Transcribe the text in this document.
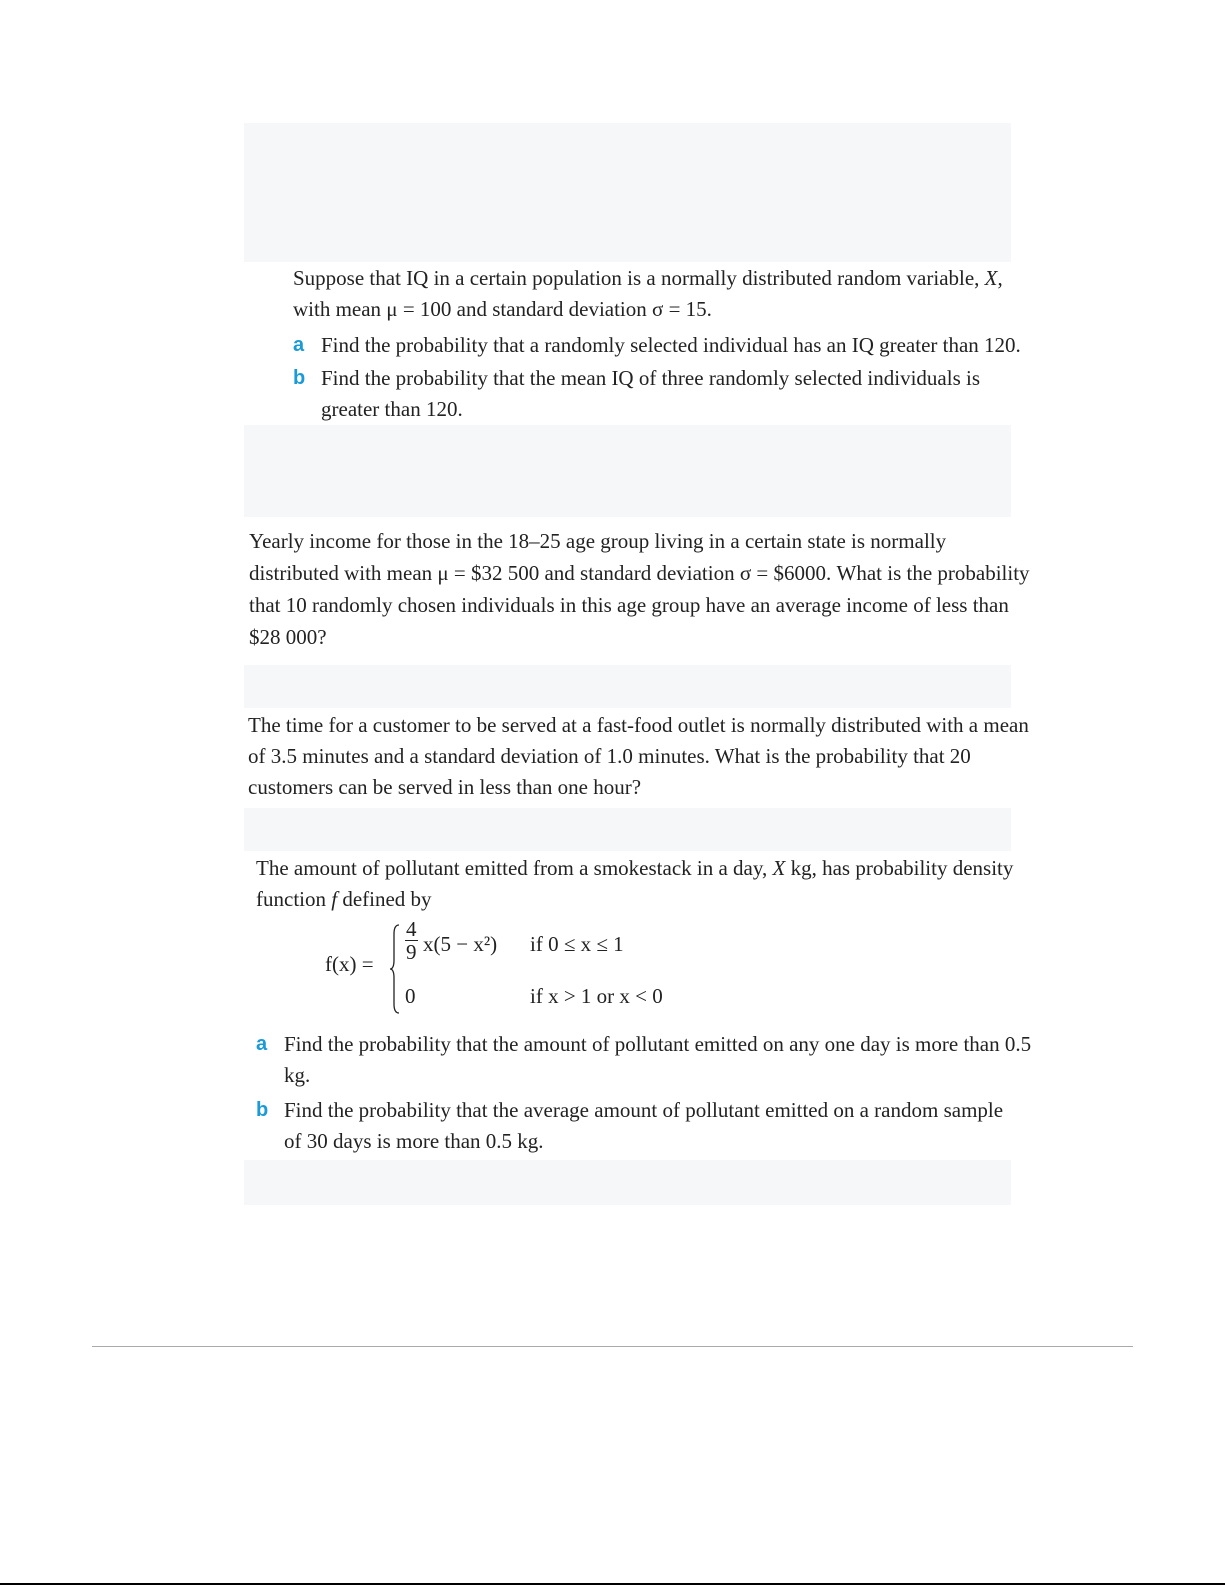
Suppose that IQ in a certain population is a normally distributed random variable, X,

with mean μ = 100 and standard deviation σ = 15.

a Find the probability that a randomly selected individual has an IQ greater than 120.
b Find the probability that the mean IQ of three randomly selected individuals is greater than 120.

Yearly income for those in the 18–25 age group living in a certain state is normally distributed with mean μ = $32 500 and standard deviation σ = $6000. What is the probability that 10 randomly chosen individuals in this age group have an average income of less than $28 000?

The time for a customer to be served at a fast-food outlet is normally distributed with a mean of 3.5 minutes and a standard deviation of 1.0 minutes. What is the probability that 20 customers can be served in less than one hour?

The amount of pollutant emitted from a smokestack in a day, X kg, has probability density function f defined by

f(x) =
$\frac{4}{9} x(5 - x^2)$ if 0 ≤ x ≤ 1
0	if x > 1 or x < 0
a Find the probability that the amount of pollutant emitted on any one day is more than 0.5 kg.
b Find the probability that the average amount of pollutant emitted on a random sample of 30 days is more than 0.5 kg.
